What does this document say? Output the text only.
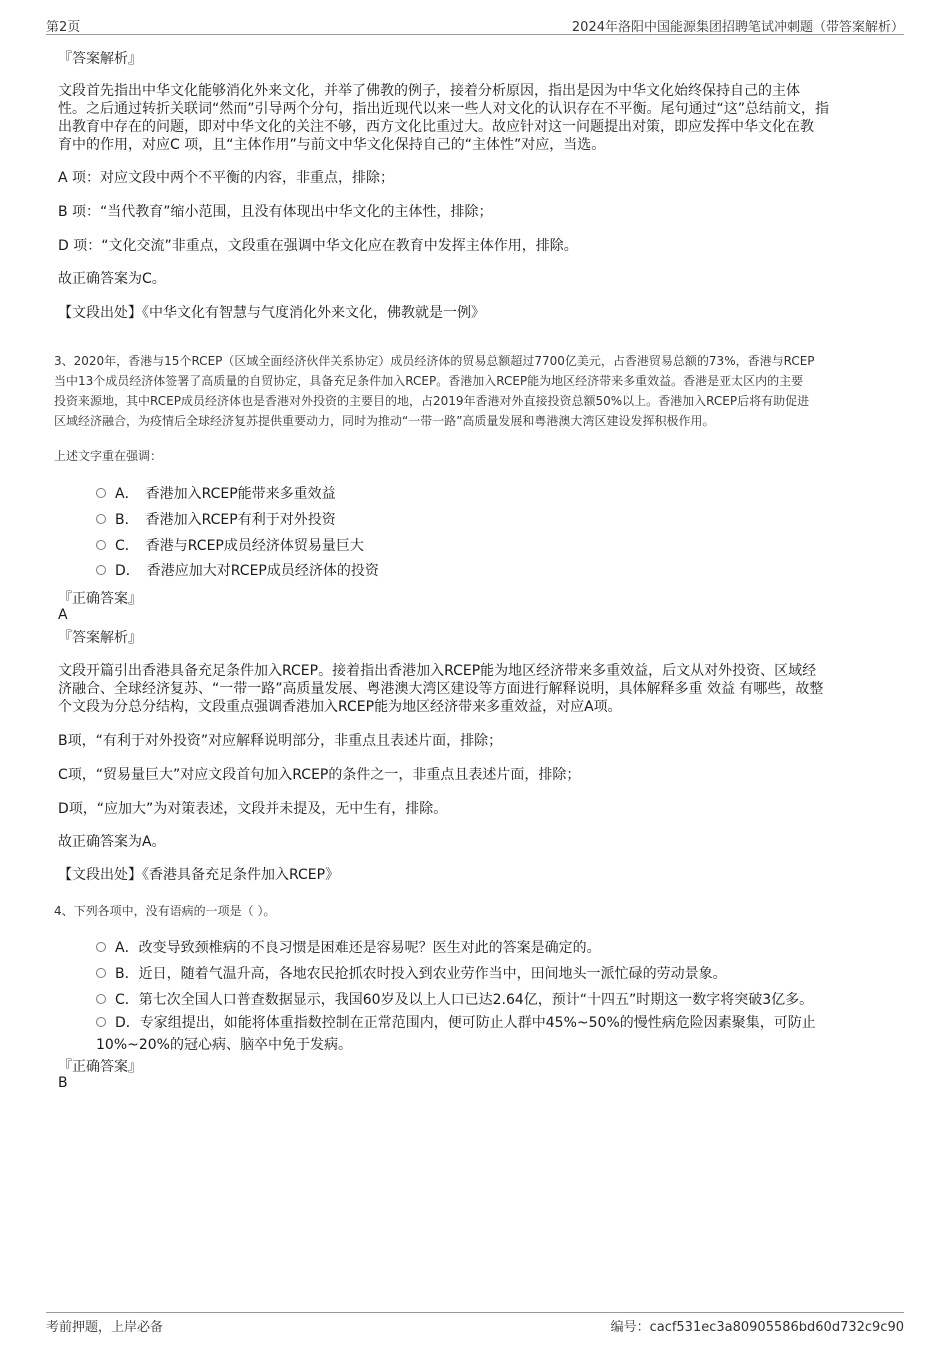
第2页	2024年洛阳中国能源集团招聘笔试冲刺题（带答案解析）
『答案解析』
文段首先指出中华文化能够消化外来文化，并举了佛教的例子，接着分析原因，指出是因为中华文化始终保持自己的主体
性。之后通过转折关联词“然而”引导两个分句，指出近现代以来一些人对文化的认识存在不平衡。尾句通过“这”总结前文，指
出教育中存在的问题，即对中华文化的关注不够，西方文化比重过大。故应针对这一问题提出对策，即应发挥中华文化在教
育中的作用，对应C 项，且“主体作用”与前文中华文化保持自己的“主体性”对应，当选。
A 项：对应文段中两个不平衡的内容，非重点，排除；
B 项：“当代教育”缩小范围，且没有体现出中华文化的主体性，排除；
D 项：“文化交流”非重点，文段重在强调中华文化应在教育中发挥主体作用，排除。
故正确答案为C。
【文段出处】《中华文化有智慧与气度消化外来文化，佛教就是一例》
3、2020年，香港与15个RCEP（区域全面经济伙伴关系协定）成员经济体的贸易总额超过7700亿美元，占香港贸易总额的73%，香港与RCEP
当中13个成员经济体签署了高质量的自贸协定，具备充足条件加入RCEP。香港加入RCEP能为地区经济带来多重效益。香港是亚太区内的主要
投资来源地，其中RCEP成员经济体也是香港对外投资的主要目的地，占2019年香港对外直接投资总额50%以上。香港加入RCEP后将有助促进
区域经济融合，为疫情后全球经济复苏提供重要动力，同时为推动“一带一路”高质量发展和粤港澳大湾区建设发挥积极作用。
上述文字重在强调：
A．　香港加入RCEP能带来多重效益
B．　香港加入RCEP有利于对外投资
C．　香港与RCEP成员经济体贸易量巨大
D．　香港应加大对RCEP成员经济体的投资
『正确答案』
A
『答案解析』
文段开篇引出香港具备充足条件加入RCEP。接着指出香港加入RCEP能为地区经济带来多重效益，后文从对外投资、区域经
济融合、全球经济复苏、“一带一路”高质量发展、粤港澳大湾区建设等方面进行解释说明，具体解释多重 效益 有哪些，故整
个文段为分总分结构，文段重点强调香港加入RCEP能为地区经济带来多重效益，对应A项。
B项，“有利于对外投资”对应解释说明部分，非重点且表述片面，排除；
C项，“贸易量巨大”对应文段首句加入RCEP的条件之一，非重点且表述片面，排除；
D项，“应加大”为对策表述，文段并未提及，无中生有，排除。
故正确答案为A。
【文段出处】《香港具备充足条件加入RCEP》
4、下列各项中，没有语病的一项是（ ）。
A．改变导致颈椎病的不良习惯是困难还是容易呢？医生对此的答案是确定的。
B．近日，随着气温升高，各地农民抢抓农时投入到农业劳作当中，田间地头一派忙碌的劳动景象。
C．第七次全国人口普查数据显示，我国60岁及以上人口已达2.64亿，预计“十四五”时期这一数字将突破3亿多。
D．专家组提出，如能将体重指数控制在正常范围内，便可防止人群中45%~50%的慢性病危险因素聚集，可防止
10%~20%的冠心病、脑卒中免于发病。
『正确答案』
B
考前押题，上岸必备	编号：cacf531ec3a80905586bd60d732c9c90
